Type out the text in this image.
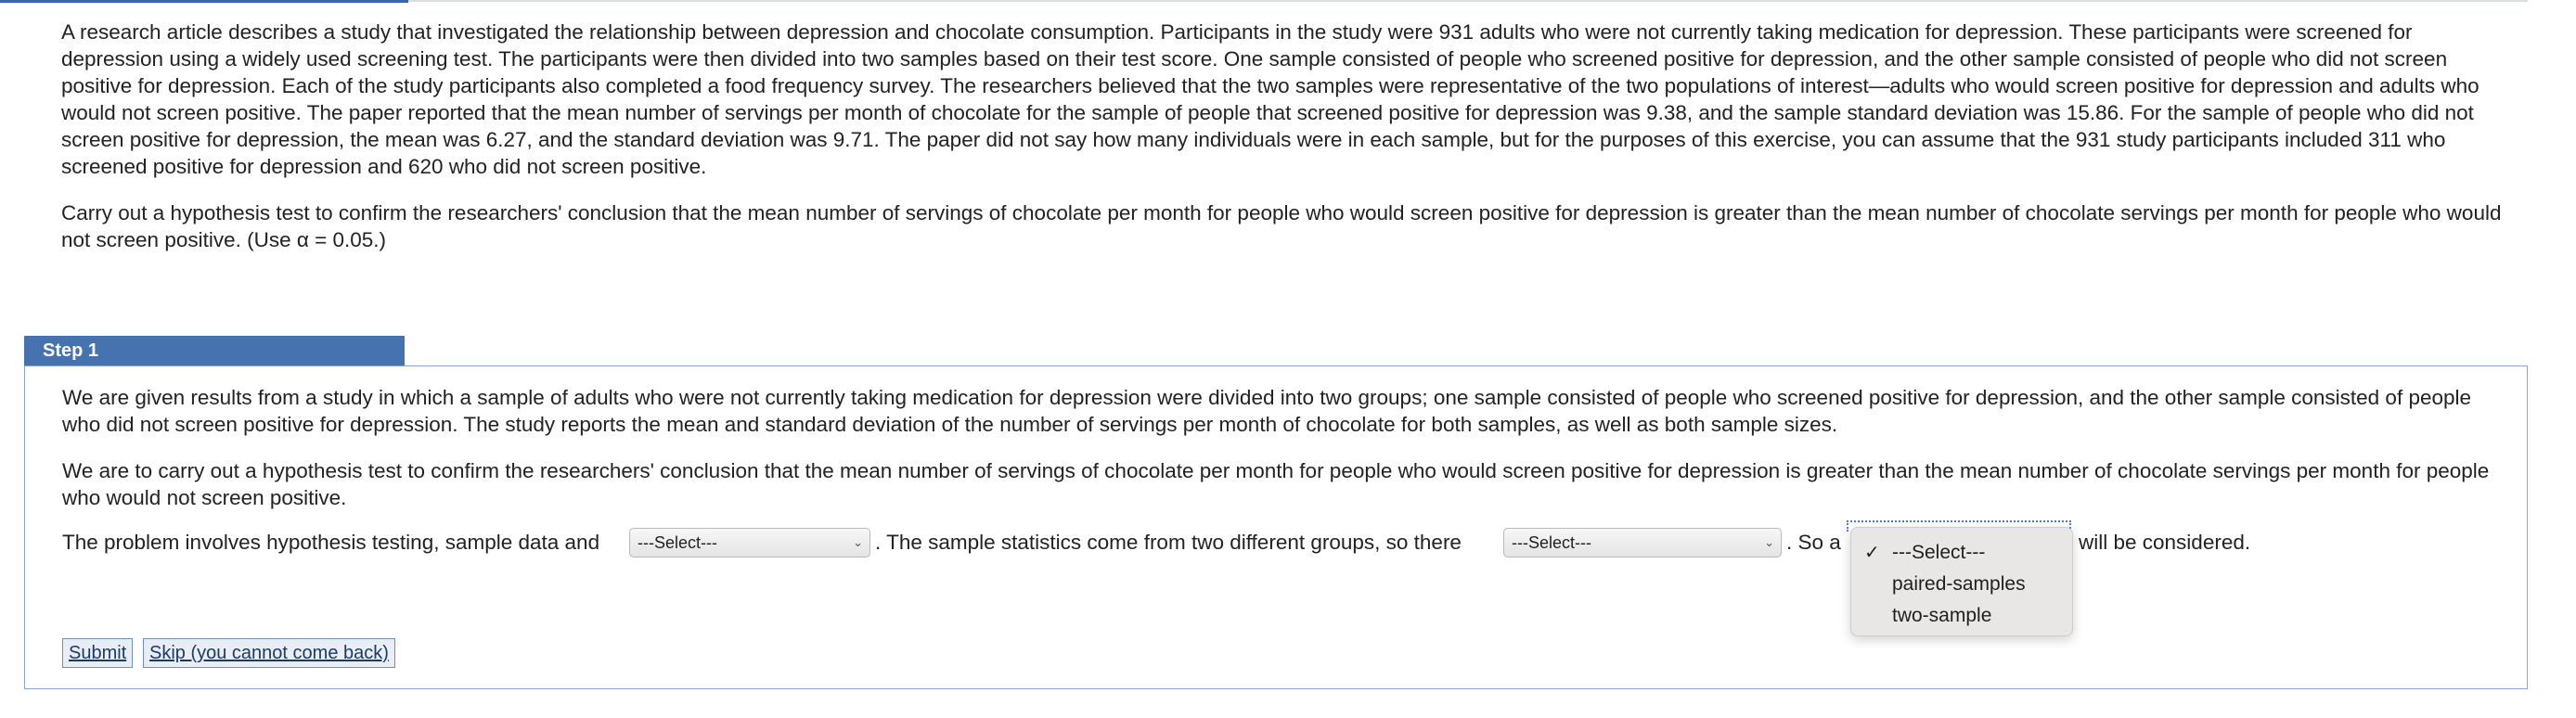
A research article describes a study that investigated the relationship between depression and chocolate consumption. Participants in the study were 931 adults who were not currently taking medication for depression. These participants were screened for depression using a widely used screening test. The participants were then divided into two samples based on their test score. One sample consisted of people who screened positive for depression, and the other sample consisted of people who did not screen positive for depression. Each of the study participants also completed a food frequency survey. The researchers believed that the two samples were representative of the two populations of interest—adults who would screen positive for depression and adults who would not screen positive. The paper reported that the mean number of servings per month of chocolate for the sample of people that screened positive for depression was 9.38, and the sample standard deviation was 15.86. For the sample of people who did not screen positive for depression, the mean was 6.27, and the standard deviation was 9.71. The paper did not say how many individuals were in each sample, but for the purposes of this exercise, you can assume that the 931 study participants included 311 who screened positive for depression and 620 who did not screen positive.

Carry out a hypothesis test to confirm the researchers' conclusion that the mean number of servings of chocolate per month for people who would screen positive for depression is greater than the mean number of chocolate servings per month for people who would not screen positive. (Use α = 0.05.)

Step 1

We are given results from a study in which a sample of adults who were not currently taking medication for depression were divided into two groups; one sample consisted of people who screened positive for depression, and the other sample consisted of people who did not screen positive for depression. The study reports the mean and standard deviation of the number of servings per month of chocolate for both samples, as well as both sample sizes.

We are to carry out a hypothesis test to confirm the researchers' conclusion that the mean number of servings of chocolate per month for people who would screen positive for depression is greater than the mean number of chocolate servings per month for people who would not screen positive.

The problem involves hypothesis testing, sample data and	---Select---	⌄ . The sample statistics come from two different groups, so there	---Select---	⌄ . So a	will be considered.
✓ ---Select---
paired-samples
two-sample
Submit	Skip (you cannot come back)
